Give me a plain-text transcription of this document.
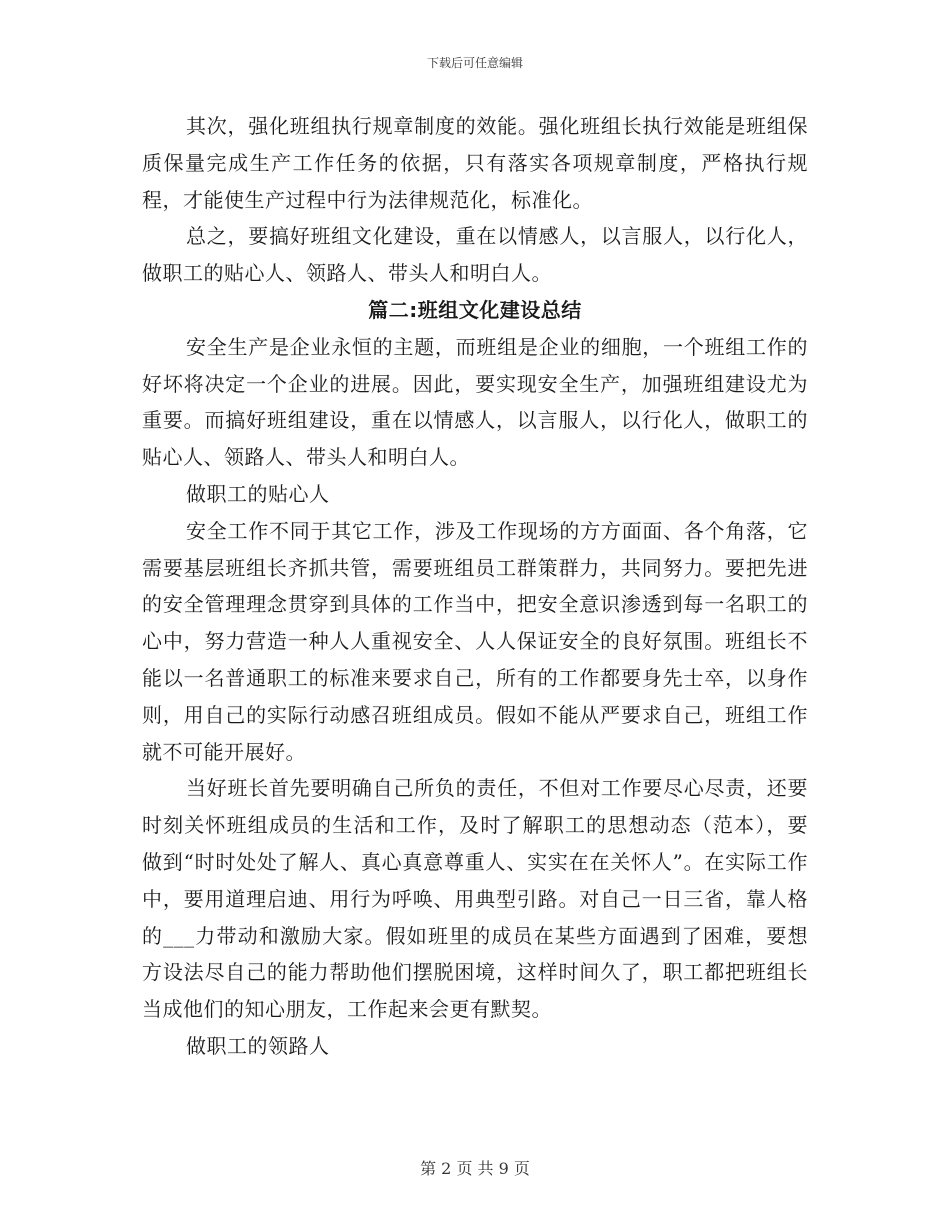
下载后可任意编辑

其次，强化班组执行规章制度的效能。强化班组长执行效能是班组保质保量完成生产工作任务的依据，只有落实各项规章制度，严格执行规程，才能使生产过程中行为法律规范化，标准化。

总之，要搞好班组文化建设，重在以情感人，以言服人，以行化人，做职工的贴心人、领路人、带头人和明白人。

篇二:班组文化建设总结

安全生产是企业永恒的主题，而班组是企业的细胞，一个班组工作的好坏将决定一个企业的进展。因此，要实现安全生产，加强班组建设尤为重要。而搞好班组建设，重在以情感人，以言服人，以行化人，做职工的贴心人、领路人、带头人和明白人。

做职工的贴心人

安全工作不同于其它工作，涉及工作现场的方方面面、各个角落，它需要基层班组长齐抓共管，需要班组员工群策群力，共同努力。要把先进的安全管理理念贯穿到具体的工作当中，把安全意识渗透到每一名职工的心中，努力营造一种人人重视安全、人人保证安全的良好氛围。班组长不能以一名普通职工的标准来要求自己，所有的工作都要身先士卒，以身作则，用自己的实际行动感召班组成员。假如不能从严要求自己，班组工作就不可能开展好。

当好班长首先要明确自己所负的责任，不但对工作要尽心尽责，还要时刻关怀班组成员的生活和工作，及时了解职工的思想动态（范本），要做到“时时处处了解人、真心真意尊重人、实实在在关怀人”。在实际工作中，要用道理启迪、用行为呼唤、用典型引路。对自己一日三省，靠人格的___力带动和激励大家。假如班里的成员在某些方面遇到了困难，要想方设法尽自己的能力帮助他们摆脱困境，这样时间久了，职工都把班组长当成他们的知心朋友，工作起来会更有默契。

做职工的领路人

第 2 页 共 9 页
